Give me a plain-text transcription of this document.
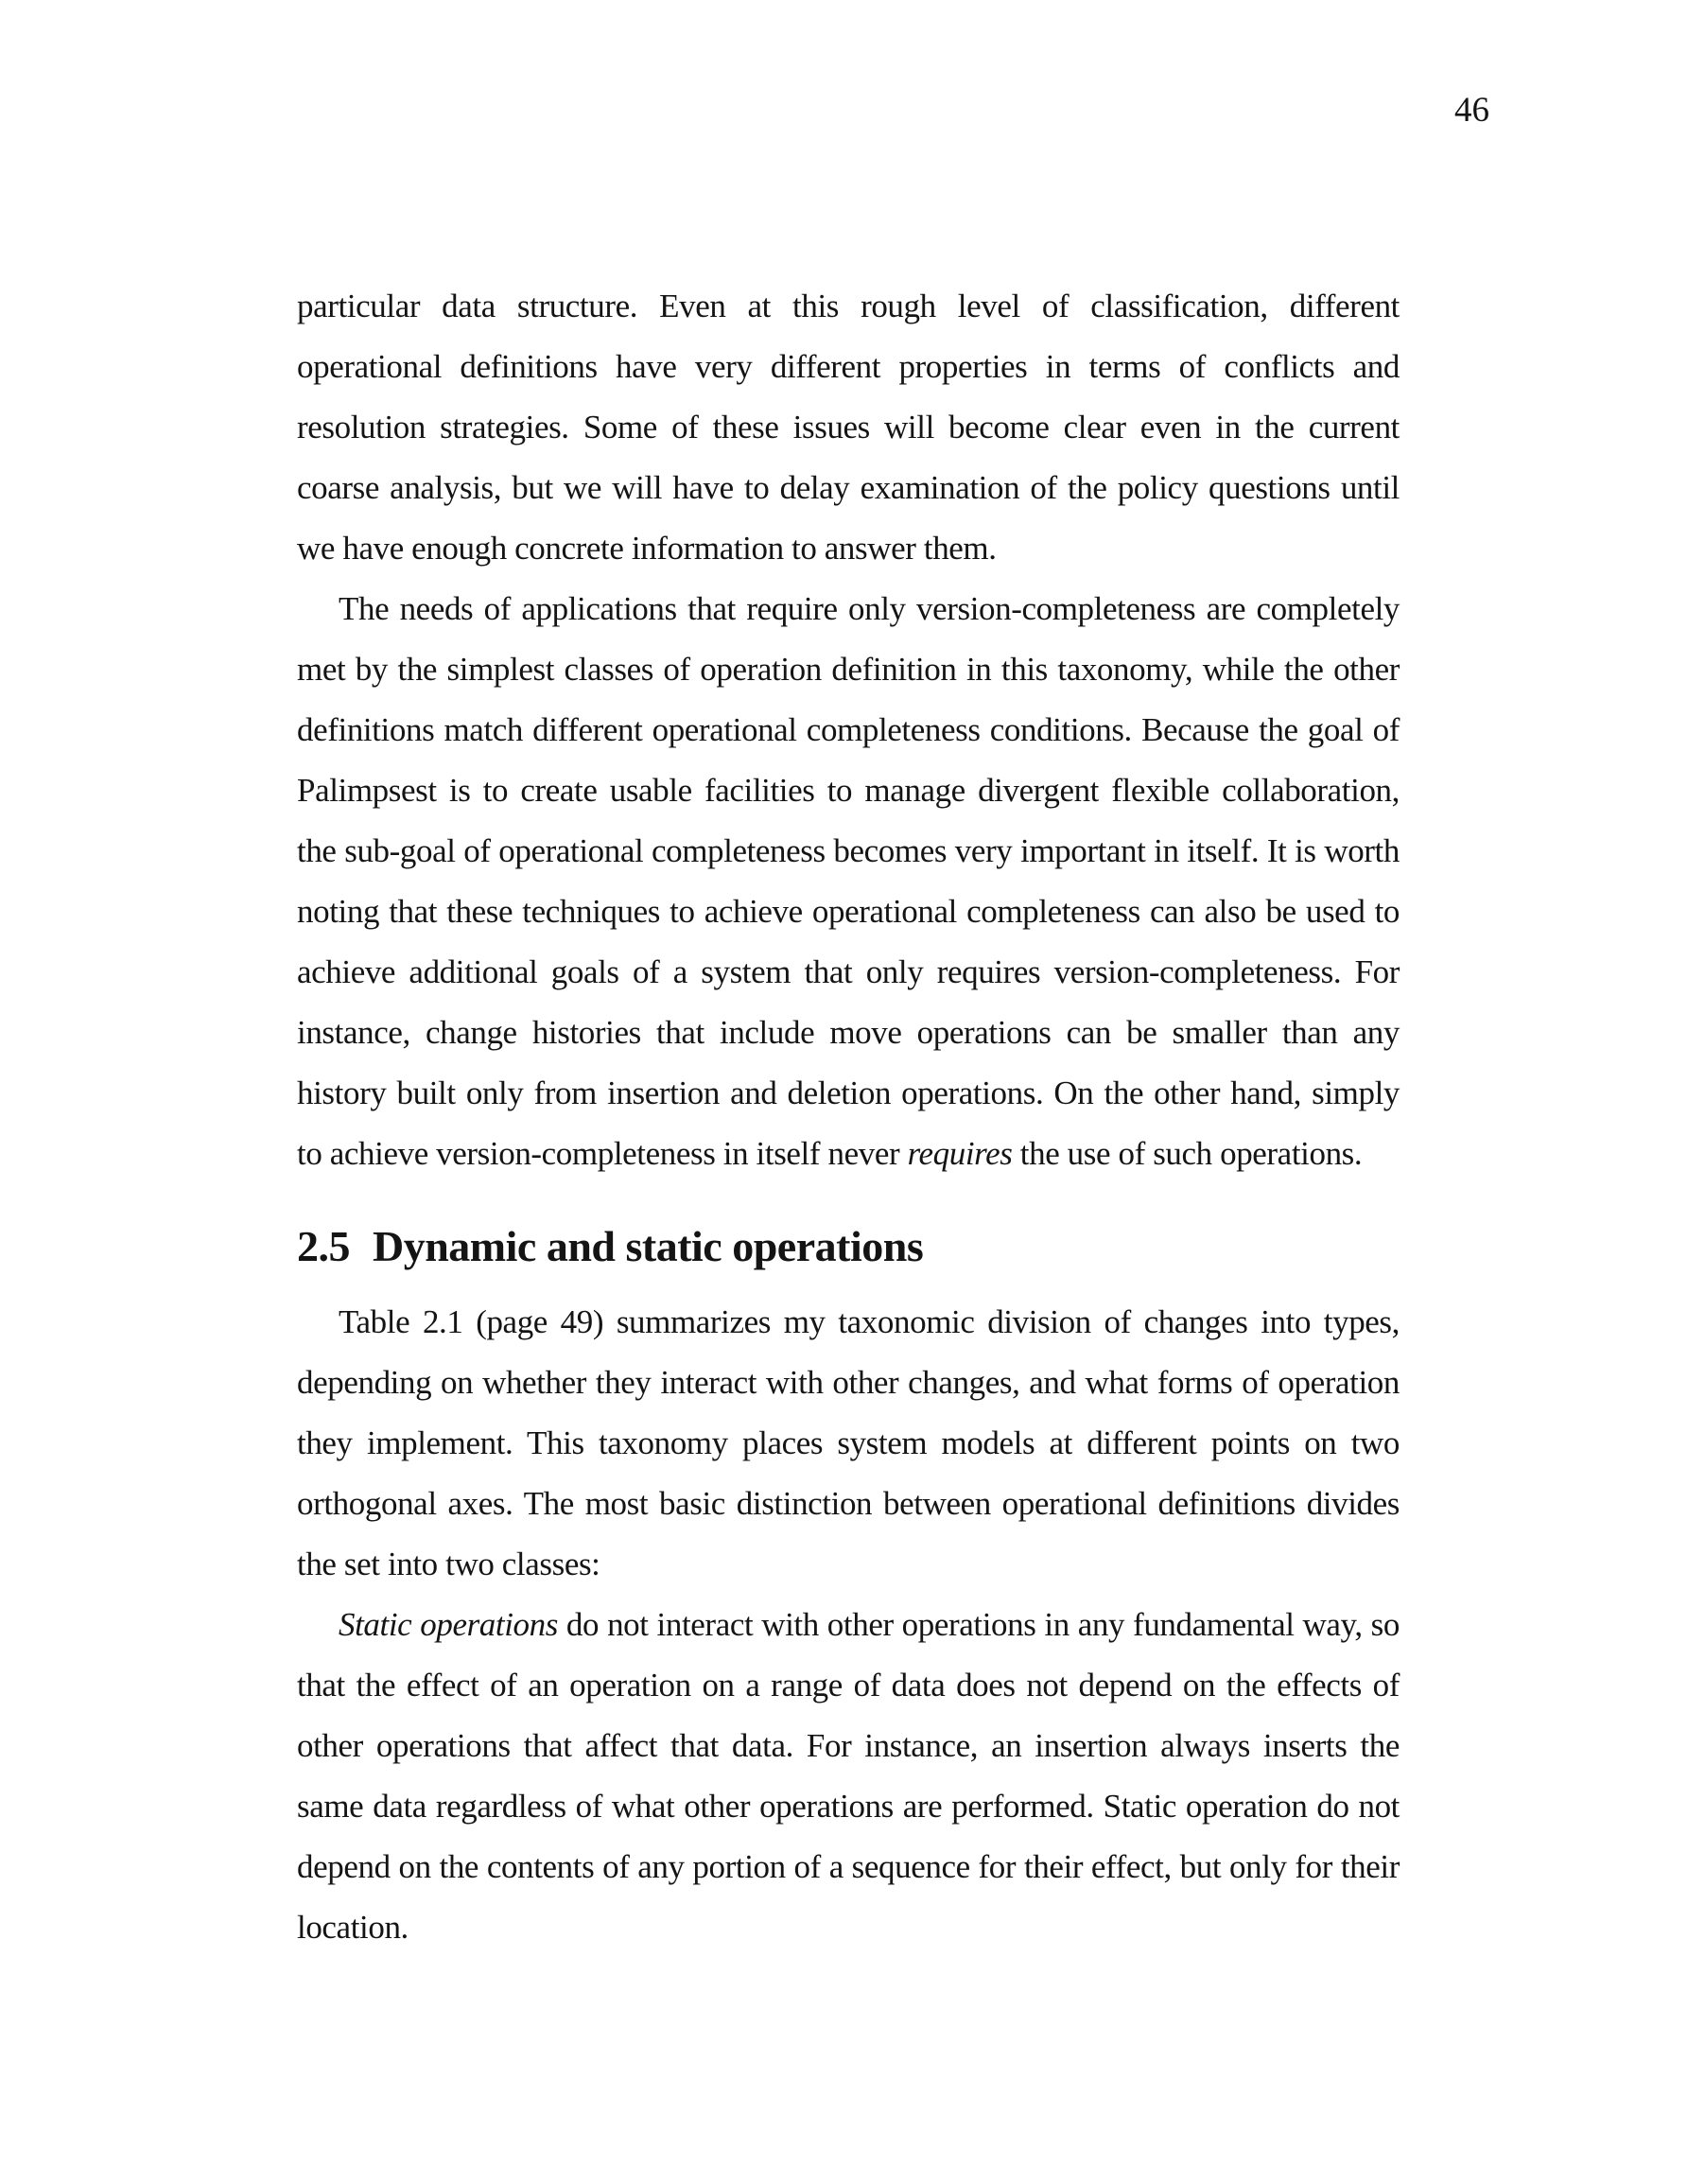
46

particular data structure. Even at this rough level of classification, different operational definitions have very different properties in terms of conflicts and resolution strategies. Some of these issues will become clear even in the current coarse analysis, but we will have to delay examination of the policy questions until we have enough concrete information to answer them.

The needs of applications that require only version-completeness are completely met by the simplest classes of operation definition in this taxonomy, while the other definitions match different operational completeness conditions. Because the goal of Palimpsest is to create usable facilities to manage divergent flexible collaboration, the sub-goal of operational completeness becomes very important in itself. It is worth noting that these techniques to achieve operational completeness can also be used to achieve additional goals of a system that only requires version-completeness. For instance, change histories that include move operations can be smaller than any history built only from insertion and deletion operations. On the other hand, simply to achieve version-completeness in itself never requires the use of such operations.

2.5 Dynamic and static operations

Table 2.1 (page 49) summarizes my taxonomic division of changes into types, depending on whether they interact with other changes, and what forms of operation they implement. This taxonomy places system models at different points on two orthogonal axes. The most basic distinction between operational definitions divides the set into two classes:

Static operations do not interact with other operations in any fundamental way, so that the effect of an operation on a range of data does not depend on the effects of other operations that affect that data. For instance, an insertion always inserts the same data regardless of what other operations are performed. Static operation do not depend on the contents of any portion of a sequence for their effect, but only for their location.
